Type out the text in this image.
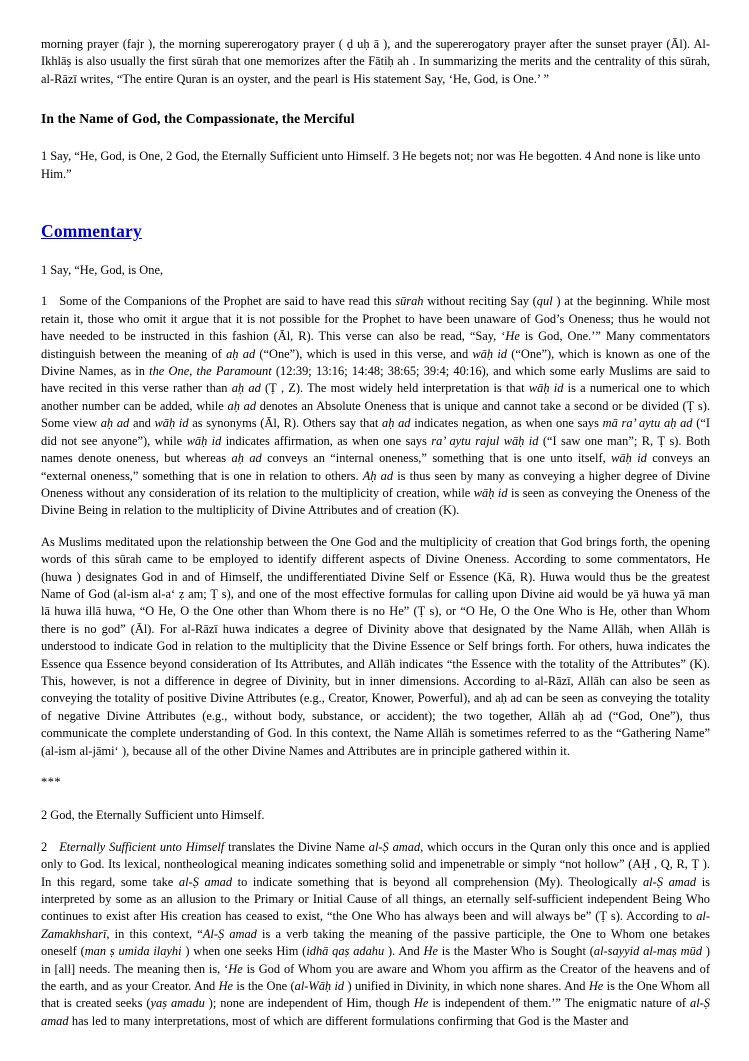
morning prayer (fajr ), the morning supererogatory prayer ( ḍ uḥ ā ), and the supererogatory prayer after the sunset prayer (Āl). Al-Ikhlāṣ is also usually the first sūrah that one memorizes after the Fātiḥ ah . In summarizing the merits and the centrality of this sūrah, al-Rāzī writes, “The entire Quran is an oyster, and the pearl is His statement Say, ‘He, God, is One.’ ”

In the Name of God, the Compassionate, the Merciful

1 Say, “He, God, is One, 2 God, the Eternally Sufficient unto Himself. 3 He begets not; nor was He begotten. 4 And none is like unto Him.”

Commentary

1 Say, “He, God, is One,

1 Some of the Companions of the Prophet are said to have read this sūrah without reciting Say (qul ) at the beginning. While most retain it, those who omit it argue that it is not possible for the Prophet to have been unaware of God’s Oneness; thus he would not have needed to be instructed in this fashion (Āl, R). This verse can also be read, “Say, ‘He is God, One.’” Many commentators distinguish between the meaning of aḥ ad (“One”), which is used in this verse, and wāḥ id (“One”), which is known as one of the Divine Names, as in the One, the Paramount (12:39; 13:16; 14:48; 38:65; 39:4; 40:16), and which some early Muslims are said to have recited in this verse rather than aḥ ad (Ṭ , Z). The most widely held interpretation is that wāḥ id is a numerical one to which another number can be added, while aḥ ad denotes an Absolute Oneness that is unique and cannot take a second or be divided (Ṭ s). Some view aḥ ad and wāḥ id as synonyms (Āl, R). Others say that aḥ ad indicates negation, as when one says mā ra’ aytu aḥ ad (“I did not see anyone”), while wāḥ id indicates affirmation, as when one says ra’ aytu rajul wāḥ id (“I saw one man”; R, Ṭ s). Both names denote oneness, but whereas aḥ ad conveys an “internal oneness,” something that is one unto itself, wāḥ id conveys an “external oneness,” something that is one in relation to others. Aḥ ad is thus seen by many as conveying a higher degree of Divine Oneness without any consideration of its relation to the multiplicity of creation, while wāḥ id is seen as conveying the Oneness of the Divine Being in relation to the multiplicity of Divine Attributes and of creation (K).

As Muslims meditated upon the relationship between the One God and the multiplicity of creation that God brings forth, the opening words of this sūrah came to be employed to identify different aspects of Divine Oneness. According to some commentators, He (huwa ) designates God in and of Himself, the undifferentiated Divine Self or Essence (Kā, R). Huwa would thus be the greatest Name of God (al-ism al-a‘ ẓ am; Ṭ s), and one of the most effective formulas for calling upon Divine aid would be yā huwa yā man lā huwa illā huwa, “O He, O the One other than Whom there is no He” (Ṭ s), or “O He, O the One Who is He, other than Whom there is no god” (Āl). For al-Rāzī huwa indicates a degree of Divinity above that designated by the Name Allāh, when Allāh is understood to indicate God in relation to the multiplicity that the Divine Essence or Self brings forth. For others, huwa indicates the Essence qua Essence beyond consideration of Its Attributes, and Allāh indicates “the Essence with the totality of the Attributes” (K). This, however, is not a difference in degree of Divinity, but in inner dimensions. According to al-Rāzī, Allāh can also be seen as conveying the totality of positive Divine Attributes (e.g., Creator, Knower, Powerful), and aḥ ad can be seen as conveying the totality of negative Divine Attributes (e.g., without body, substance, or accident); the two together, Allāh aḥ ad (“God, One”), thus communicate the complete understanding of God. In this context, the Name Allāh is sometimes referred to as the “Gathering Name” (al-ism al-jāmi‘ ), because all of the other Divine Names and Attributes are in principle gathered within it.

***

2 God, the Eternally Sufficient unto Himself.

2 Eternally Sufficient unto Himself translates the Divine Name al-Ṣ amad, which occurs in the Quran only this once and is applied only to God. Its lexical, nontheological meaning indicates something solid and impenetrable or simply “not hollow” (AḤ , Q, R, Ṭ ). In this regard, some take al-Ṣ amad to indicate something that is beyond all comprehension (My). Theologically al-Ṣ amad is interpreted by some as an allusion to the Primary or Initial Cause of all things, an eternally self-sufficient independent Being Who continues to exist after His creation has ceased to exist, “the One Who has always been and will always be” (Ṭ s). According to al-Zamakhsharī, in this context, “Al-Ṣ amad is a verb taking the meaning of the passive participle, the One to Whom one betakes oneself (man ṣ umida ilayhi ) when one seeks Him (idhā qaṣ adahu ). And He is the Master Who is Sought (al-sayyid al-maṣ mūd ) in [all] needs. The meaning then is, ‘He is God of Whom you are aware and Whom you affirm as the Creator of the heavens and of the earth, and as your Creator. And He is the One (al-Wāḥ id ) unified in Divinity, in which none shares. And He is the One Whom all that is created seeks (yaṣ amadu ); none are independent of Him, though He is independent of them.’” The enigmatic nature of al-Ṣ amad has led to many interpretations, most of which are different formulations confirming that God is the Master and
